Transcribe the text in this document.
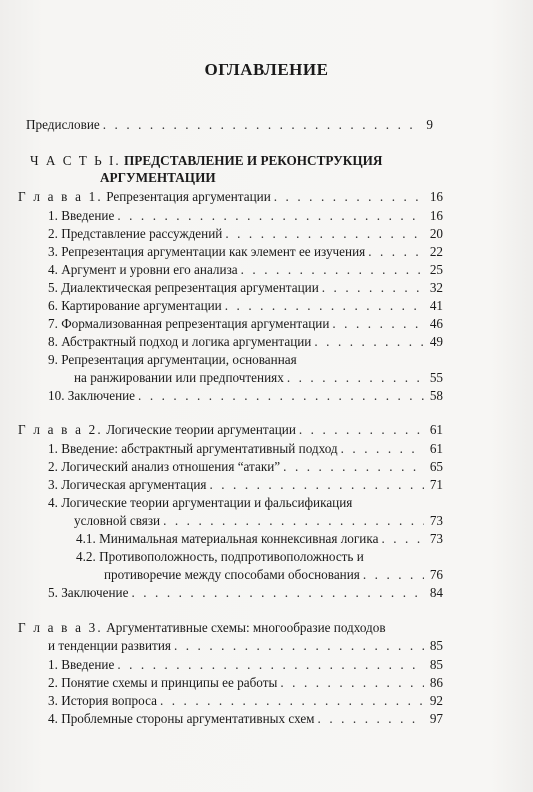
ОГЛАВЛЕНИЕ
Предисловие . . .	9
Ч А С Т Ь I. ПРЕДСТАВЛЕНИЕ И РЕКОНСТРУКЦИЯ
АРГУМЕНТАЦИИ
Г л а в а 1. Репрезентация аргументации . . .	16
1. Введение . . .	16
2. Представление рассуждений . . .	20
3. Репрезентация аргументации как элемент ее изучения . . .	22
4. Аргумент и уровни его анализа . . .	25
5. Диалектическая репрезентация аргументации . . .	32
6. Картирование аргументации . . .	41
7. Формализованная репрезентация аргументации . . .	46
8. Абстрактный подход и логика аргументации . . .	49
9. Репрезентация аргументации, основанная
на ранжировании или предпочтениях . . .	55
10. Заключение . . .	58
Г л а в а 2. Логические теории аргументации . . .	61
1. Введение: абстрактный аргументативный подход . . .	61
2. Логический анализ отношения “атаки” . . .	65
3. Логическая аргументация . . .	71
4. Логические теории аргументации и фальсификация
условной связи . . .	73
4.1. Минимальная материальная коннексивная логика . . .	73
4.2. Противоположность, подпротивоположность и
противоречие между способами обоснования . . .	76
5. Заключение . . .	84
Г л а в а 3. Аргументативные схемы: многообразие подходов
и тенденции развития . . .	85
1. Введение . . .	85
2. Понятие схемы и принципы ее работы . . .	86
3. История вопроса . . .	92
4. Проблемные стороны аргументативных схем . . .	97
